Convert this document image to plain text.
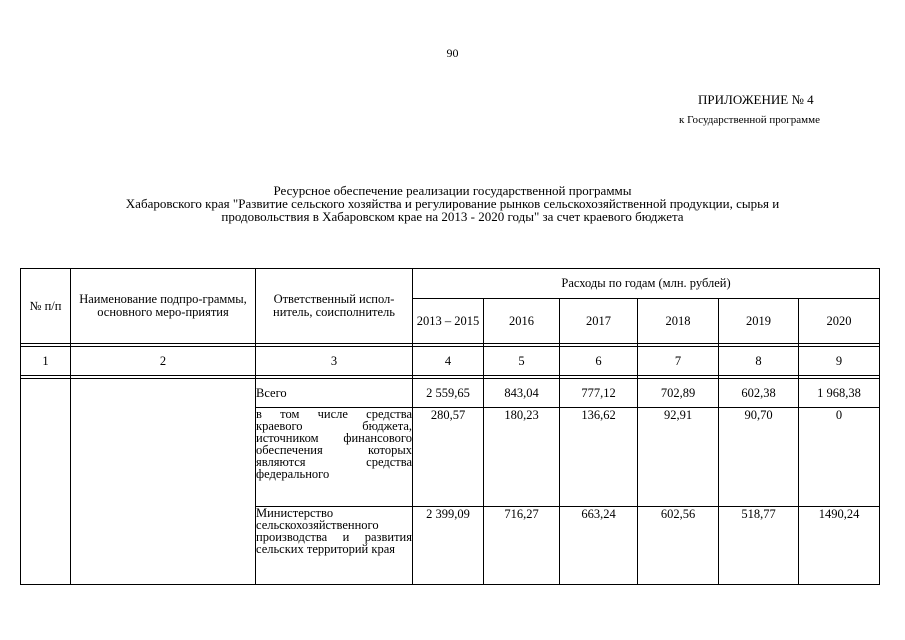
90
ПРИЛОЖЕНИЕ № 4
к Государственной программе
Ресурсное обеспечение реализации государственной программы
Хабаровского края "Развитие сельского хозяйства и регулирование рынков сельскохозяйственной продукции, сырья и
продовольствия в Хабаровском крае на 2013 - 2020 годы" за счет краевого бюджета
№ п/п	Наименование подпро-граммы, основного меро-приятия	Ответственный испол-нитель, соисполнитель	Расходы по годам (млн. рублей)					
			2013 – 2015	2016	2017	2018	2019	2020

1	2	3	4	5	6	7	8	9

		Всего	2 559,65	843,04	777,12	702,89	602,38	1 968,38
		в том числе средства краевого бюджета, источником финансового обеспечения которых являются средства федерального	280,57	180,23	136,62	92,91	90,70	0
		Министерство сельскохозяйственного производства и развития сельских территорий края	2 399,09	716,27	663,24	602,56	518,77	1490,24
